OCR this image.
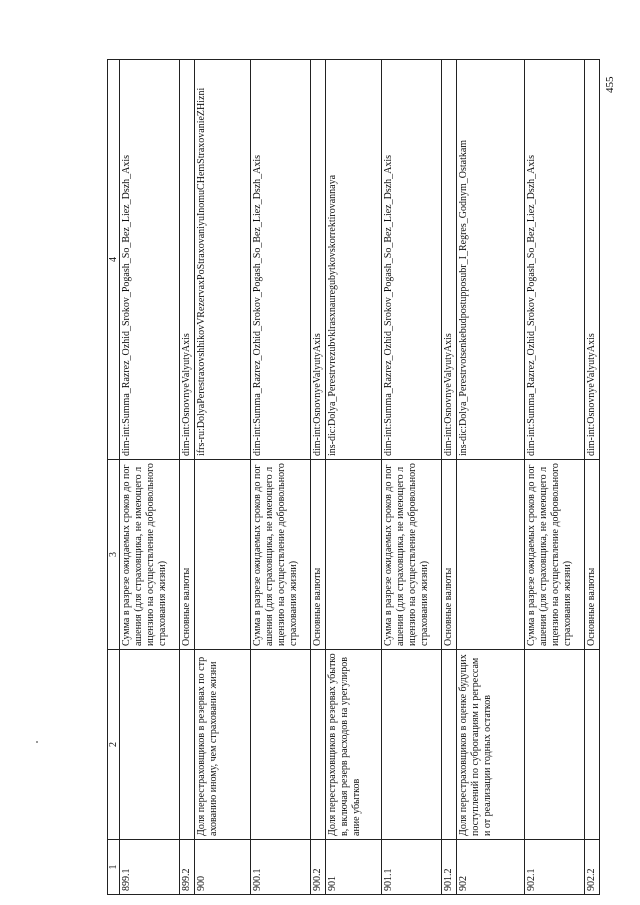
455
1	2	3	4
899.1		Сумма в разрезе ожидаемых сроков до погашения (для страховщика, не имеющего лицензию на осуществление добровольного страхования жизни)	dim-int:Summa_Razrez_Ozhid_Srokov_Pogash_So_Bez_Liez_Dszh_Axis
899.2		Основные валюты	dim-int:OsnovnyeValyutyAxis
900	Доля перестраховщиков в резервах по страхованию иному, чем страхование жизни		ifrs-ru:DolyaPerestraxovshhikovVRezervaxPoStraxovaniyuInomuCHemStraxovanieZHizni
900.1		Сумма в разрезе ожидаемых сроков до погашения (для страховщика, не имеющего лицензию на осуществление добровольного страхования жизни)	dim-int:Summa_Razrez_Ozhid_Srokov_Pogash_So_Bez_Liez_Dszh_Axis
900.2		Основные валюты	dim-int:OsnovnyeValyutyAxis
901	Доля перестраховщиков в резервах убытков, включая резерв расходов на урегулирование убытков		ins-dic:Dolya_Perestrvrezubvklrasxnauregubytkovskorrektirovannaya
901.1		Сумма в разрезе ожидаемых сроков до погашения (для страховщика, не имеющего лицензию на осуществление добровольного страхования жизни)	dim-int:Summa_Razrez_Ozhid_Srokov_Pogash_So_Bez_Liez_Dszh_Axis
901.2		Основные валюты	dim-int:OsnovnyeValyutyAxis
902	Доля перестраховщиков в оценке будущих поступлений по суброгациям и регрессам и от реализации годных остатков		ins-dic:Dolya_Perestrvotsenkebudpostupposubr_I_Regres_Godnym_Ostatkam
902.1		Сумма в разрезе ожидаемых сроков до погашения (для страховщика, не имеющего лицензию на осуществление добровольного страхования жизни)	dim-int:Summa_Razrez_Ozhid_Srokov_Pogash_So_Bez_Liez_Dszh_Axis
902.2		Основные валюты	dim-int:OsnovnyeValyutyAxis
